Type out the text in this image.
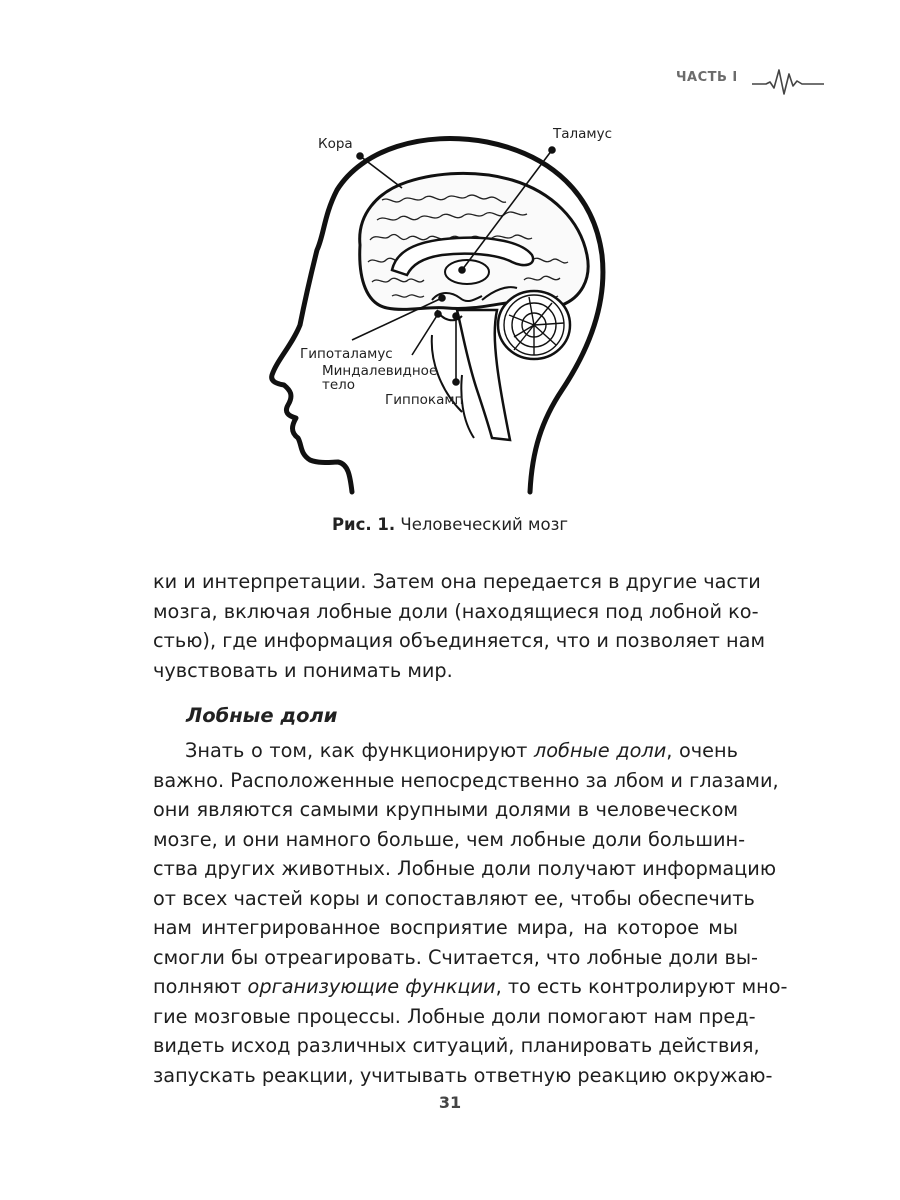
ЧАСТЬ I
Кора
Таламус
Гипоталамус
Миндалевидное
тело
Гиппокамп
Рис. 1. Человеческий мозг
ки и интерпретации. Затем она передается в другие части
мозга, включая лобные доли (находящиеся под лобной ко-
стью), где информация объединяется, что и позволяет нам
чувствовать и понимать мир.
Лобные доли
Знать о том, как функционируют лобные доли, очень
важно. Расположенные непосредственно за лбом и глазами,
они являются самыми крупными долями в человеческом
мозге, и они намного больше, чем лобные доли большин-
ства других животных. Лобные доли получают информацию
от всех частей коры и сопоставляют ее, чтобы обеспечить
нам интегрированное восприятие мира, на которое мы
смогли бы отреагировать. Считается, что лобные доли вы-
полняют организующие функции, то есть контролируют мно-
гие мозговые процессы. Лобные доли помогают нам пред-
видеть исход различных ситуаций, планировать действия,
запускать реакции, учитывать ответную реакцию окружаю-
31
